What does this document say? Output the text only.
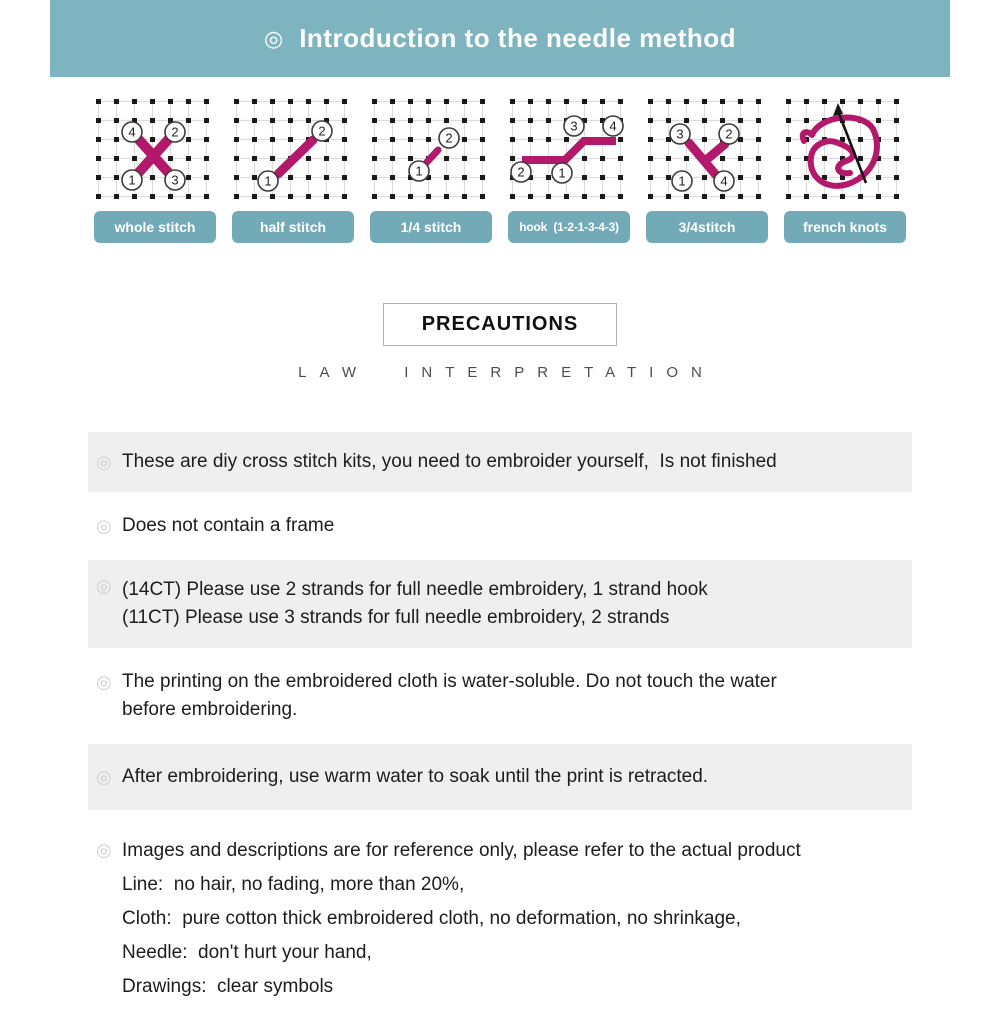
◎ Introduction to the needle method
4	2
1	3
whole stitch
1
2
half stitch
1
2
1/4 stitch
2	1
3 4
hook  (1-2-1-3-4-3)
3	2
1	4
3/4stitch	french knots
PRECAUTIONS
LAW INTERPRETATION
◎ These are diy cross stitch kits, you need to embroider yourself,  Is not finished

◎ Does not contain a frame

◎ (14CT) Please use 2 strands for full needle embroidery, 1 strand hook

(11CT) Please use 3 strands for full needle embroidery, 2 strands

◎ The printing on the embroidered cloth is water-soluble. Do not touch the water

before embroidering.

◎ After embroidering, use warm water to soak until the print is retracted.

◎ Images and descriptions are for reference only, please refer to the actual product

Line:  no hair, no fading, more than 20%,

Cloth:  pure cotton thick embroidered cloth, no deformation, no shrinkage,

Needle:  don't hurt your hand,

Drawings:  clear symbols
